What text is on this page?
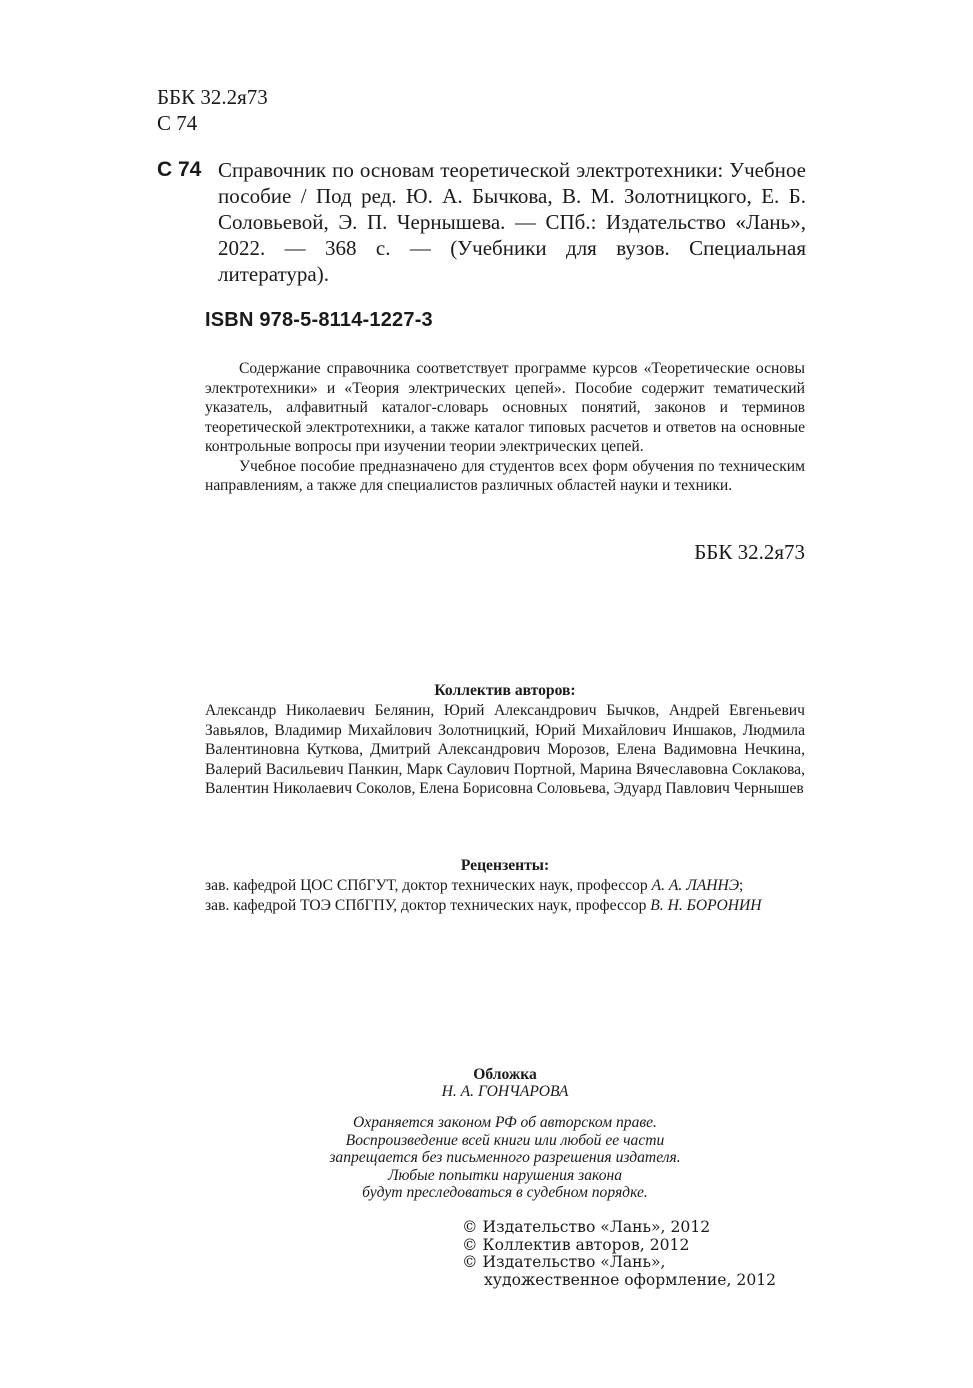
ББК 32.2я73
С 74
С 74 Справочник по основам теоретической электротехники: Учебное пособие / Под ред. Ю. А. Бычкова, В. М. Золотницкого, Е. Б. Соловьевой, Э. П. Чернышева. — СПб.: Издательство «Лань», 2022. — 368 с. — (Учебники для вузов. Специальная литература).

ISBN 978-5-8114-1227-3

Содержание справочника соответствует программе курсов «Теоретические основы электротехники» и «Теория электрических цепей». Пособие содержит тематический указатель, алфавитный каталог-словарь основных понятий, законов и терминов теоретической электротехники, а также каталог типовых расчетов и ответов на основные контрольные вопросы при изучении теории электрических цепей.

Учебное пособие предназначено для студентов всех форм обучения по техническим направлениям, а также для специалистов различных областей науки и техники.

ББК 32.2я73
Коллектив авторов:
Александр Николаевич Белянин, Юрий Александрович Бычков, Андрей Евгеньевич Завьялов, Владимир Михайлович Золотницкий, Юрий Михайлович Иншаков, Людмила Валентиновна Куткова, Дмитрий Александрович Морозов, Елена Вадимовна Нечкина, Валерий Васильевич Панкин, Марк Саулович Портной, Марина Вячеславовна Соклакова, Валентин Николаевич Соколов, Елена Борисовна Соловьева, Эдуард Павлович Чернышев
Рецензенты:
зав. кафедрой ЦОС СПбГУТ, доктор технических наук, профессор А. А. ЛАННЭ;
зав. кафедрой ТОЭ СПбГПУ, доктор технических наук, профессор В. Н. БОРОНИН
Обложка
Н. А. ГОНЧАРОВА
Охраняется законом РФ об авторском праве.
Воспроизведение всей книги или любой ее части
запрещается без письменного разрешения издателя.
Любые попытки нарушения закона
будут преследоваться в судебном порядке.
© Издательство «Лань», 2012
© Коллектив авторов, 2012
© Издательство «Лань»,
художественное оформление, 2012
